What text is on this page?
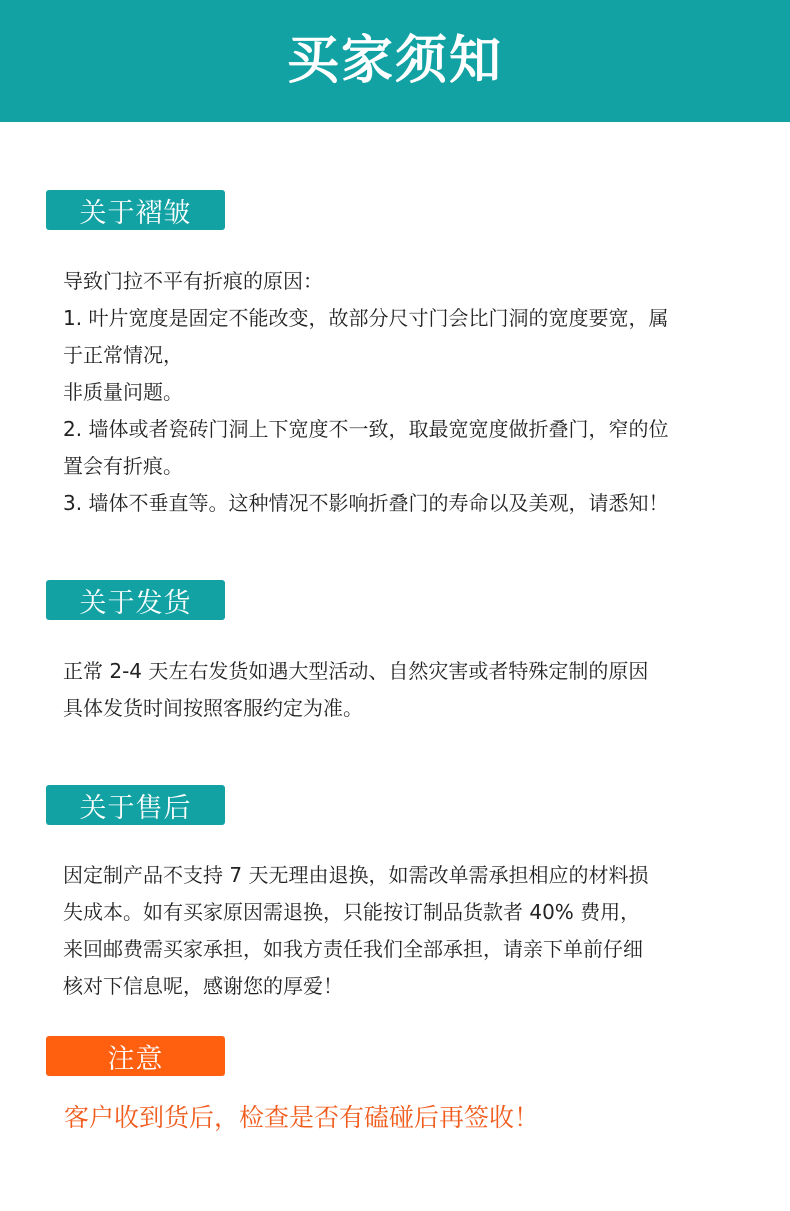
买家须知
关于褶皱
导致门拉不平有折痕的原因：
1. 叶片宽度是固定不能改变，故部分尺寸门会比门洞的宽度要宽，属
于正常情况，
非质量问题。
2. 墙体或者瓷砖门洞上下宽度不一致，取最宽宽度做折叠门，窄的位
置会有折痕。
3. 墙体不垂直等。这种情况不影响折叠门的寿命以及美观，请悉知！
关于发货
正常 2-4 天左右发货如遇大型活动、自然灾害或者特殊定制的原因
具体发货时间按照客服约定为准。
关于售后
因定制产品不支持 7 天无理由退换，如需改单需承担相应的材料损
失成本。如有买家原因需退换，只能按订制品货款者 40% 费用，
来回邮费需买家承担，如我方责任我们全部承担，请亲下单前仔细
核对下信息呢，感谢您的厚爱！
注意
客户收到货后，检查是否有磕碰后再签收！
